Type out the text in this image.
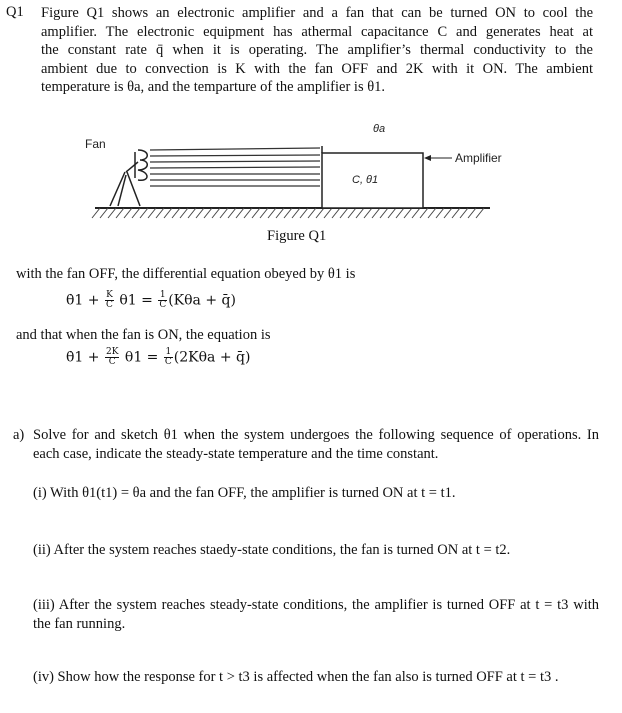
Q1 Figure Q1 shows an electronic amplifier and a fan that can be turned ON to cool the
amplifier. The electronic equipment has athermal capacitance C and generates heat at
the constant rate q̄ when it is operating. The amplifier’s thermal conductivity to the
ambient due to convection is K with the fan OFF and 2K with it ON. The ambient
temperature is θa, and the temparture of the amplifier is θ1.
Fan
θa
C, θ1
Amplifier
Figure Q1
with the fan OFF, the differential equation obeyed by θ1 is
θ̇1 + $\frac{K}{C} \theta 1 = \frac{1}{C} (K\theta a$ + q̄)
and that when the fan is ON, the equation is
θ̇1 + $\frac{2K}{C} \theta 1 = \frac{1}{C} (2K\theta a$ + q̄)
a) Solve for and sketch θ1 when the system undergoes the following sequence of operations. In each case, indicate the steady-state temperature and the time constant.
(i) With θ1(t1) = θa and the fan OFF, the amplifier is turned ON at t = t1.
(ii) After the system reaches staedy-state conditions, the fan is turned ON at t = t2.
(iii) After the system reaches steady-state conditions, the amplifier is turned OFF at t = t3 with the fan running.
(iv) Show how the response for t > t3 is affected when the fan also is turned OFF at t = t3 .
